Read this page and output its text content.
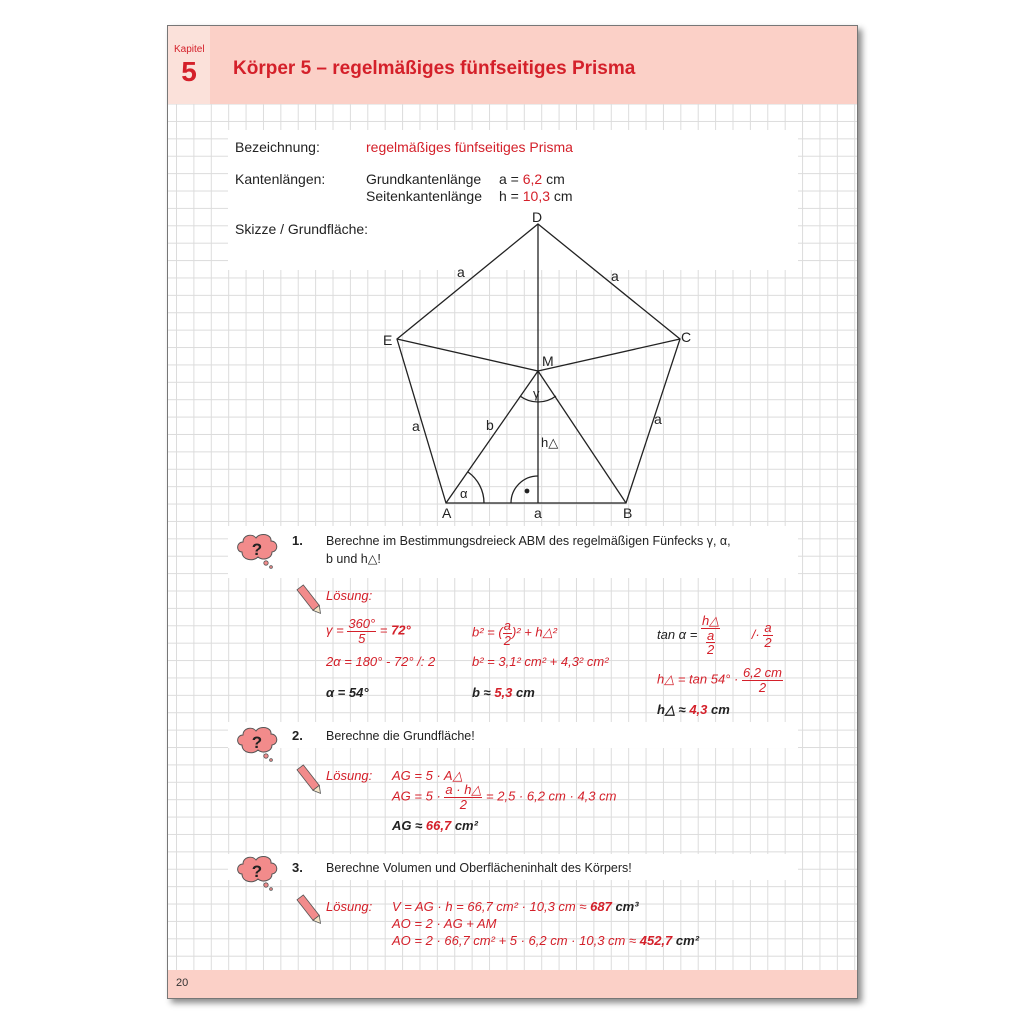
Kapitel
5	Körper 5 – regelmäßiges fünfseitiges Prisma
Bezeichnung:	regelmäßiges fünfseitiges Prisma
Kantenlängen:	Grundkantenlänge a = 6,2 cm
Seitenkantenlänge h = 10,3 cm
Skizze / Grundfläche:
D
C
E
M
A	B
a	a
a	a
a
b
h△
γ
α
? 1. Berechne im Bestimmungsdreieck ABM des regelmäßigen Fünfecks γ, α,
b und h△!
Lösung:
$\gamma = \frac{360^\circ}{5} = 72^\circ$
2α = 180° - 72° /: 2
α = 54°
b² = ( $\frac{a}{2} )^2$ + h△²
b² = 3,1² cm² + 4,3² cm²
b ≈ 5,3 cm
$\tan \alpha = \frac{h\triangle}{\frac{a}{2}} /\cdot \frac{a}{2}$
h△ = $\tan 54^\circ \cdot \frac{6,2 cm}{2}$
h△ ≈ 4,3 cm
? 2. Berechne die Grundfläche!
Lösung: AG = 5 · A△
AG = $5 \cdot \frac{a \cdot h\triangle}{2} = 2,5 \cdot 6,2$ cm · 4,3 cm
AG ≈ 66,7 cm²
? 3. Berechne Volumen und Oberflächeninhalt des Körpers!
Lösung: V = AG · h = 66,7 cm² · 10,3 cm ≈ 687 cm³
AO = 2 · AG + AM
AO = 2 · 66,7 cm² + 5 · 6,2 cm · 10,3 cm ≈ 452,7 cm²
20
